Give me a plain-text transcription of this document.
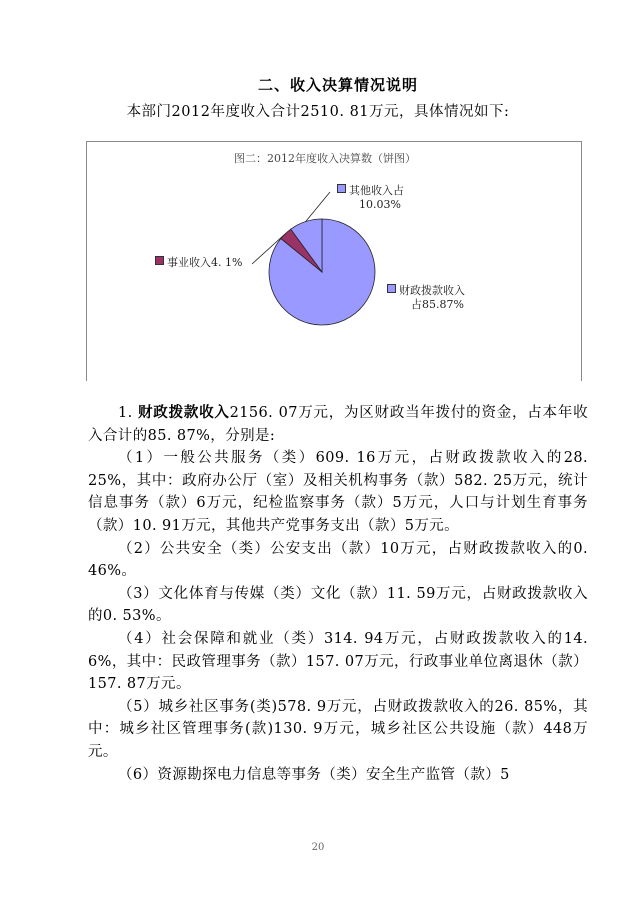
二、收入决算情况说明
本部门2012年度收入合计2510. 81万元，具体情况如下:
图二：2012年度收入决算数（饼图）
其他收入占
10.03%
事业收入4. 1%
财政拨款收入
占85.87%

1. 财政拨款收入2156. 07万元，为区财政当年拨付的资金，占本年收入合计的85. 87%，分别是:

（1）一般公共服务（类）609. 16万元，占财政拨款收入的28. 25%，其中：政府办公厅（室）及相关机构事务（款）582. 25万元，统计信息事务（款）6万元，纪检监察事务（款）5万元，人口与计划生育事务（款）10. 91万元，其他共产党事务支出（款）5万元。

（2）公共安全（类）公安支出（款）10万元，占财政拨款收入的0. 46%。

（3）文化体育与传媒（类）文化（款）11. 59万元，占财政拨款收入的0. 53%。

（4）社会保障和就业（类）314. 94万元，占财政拨款收入的14. 6%，其中：民政管理事务（款）157. 07万元，行政事业单位离退休（款）157. 87万元。

（5）城乡社区事务(类)578. 9万元，占财政拨款收入的26. 85%，其中：城乡社区管理事务(款)130. 9万元，城乡社区公共设施（款）448万元。

（6）资源勘探电力信息等事务（类）安全生产监管（款）5

20
